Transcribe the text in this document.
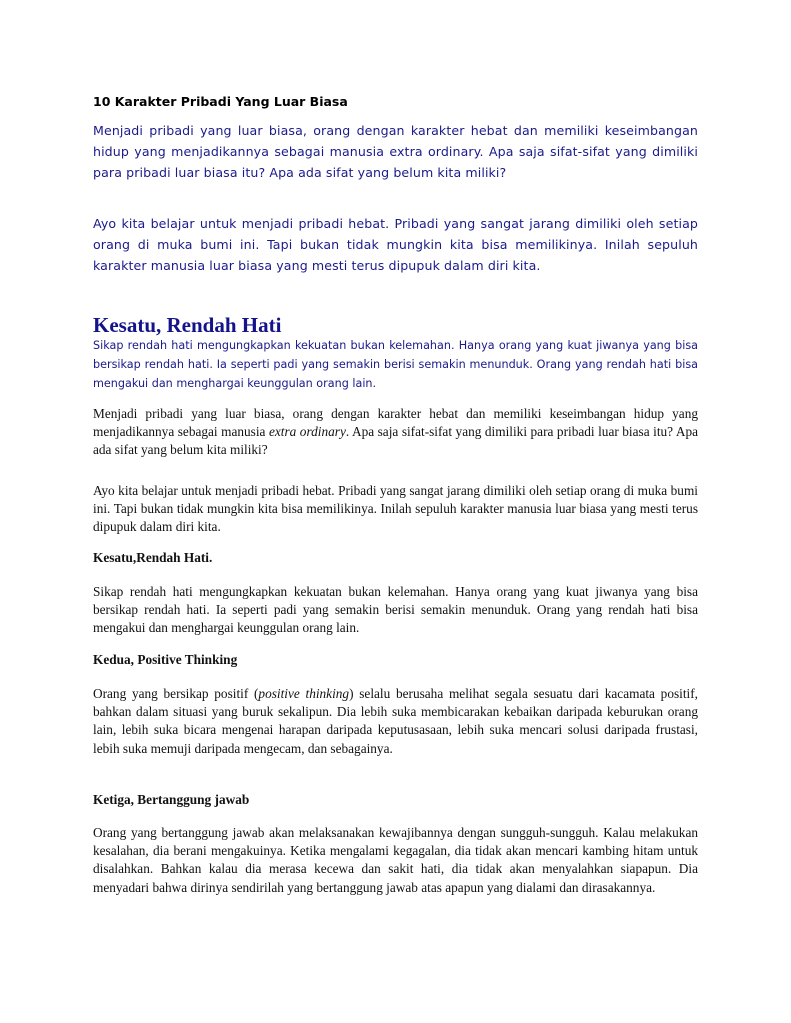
10 Karakter Pribadi Yang Luar Biasa
Menjadi pribadi yang luar biasa, orang dengan karakter hebat dan memiliki keseimbangan hidup yang menjadikannya sebagai manusia extra ordinary. Apa saja sifat-sifat yang dimiliki para pribadi luar biasa itu? Apa ada sifat yang belum kita miliki?
Ayo kita belajar untuk menjadi pribadi hebat. Pribadi yang sangat jarang dimiliki oleh setiap orang di muka bumi ini. Tapi bukan tidak mungkin kita bisa memilikinya. Inilah sepuluh karakter manusia luar biasa yang mesti terus dipupuk dalam diri kita.
Kesatu, Rendah Hati
Sikap rendah hati mengungkapkan kekuatan bukan kelemahan. Hanya orang yang kuat jiwanya yang bisa bersikap rendah hati. Ia seperti padi yang semakin berisi semakin menunduk. Orang yang rendah hati bisa mengakui dan menghargai keunggulan orang lain.
Menjadi pribadi yang luar biasa, orang dengan karakter hebat dan memiliki keseimbangan hidup yang menjadikannya sebagai manusia extra ordinary. Apa saja sifat-sifat yang dimiliki para pribadi luar biasa itu? Apa ada sifat yang belum kita miliki?
Ayo kita belajar untuk menjadi pribadi hebat. Pribadi yang sangat jarang dimiliki oleh setiap orang di muka bumi ini. Tapi bukan tidak mungkin kita bisa memilikinya. Inilah sepuluh karakter manusia luar biasa yang mesti terus dipupuk dalam diri kita.
Kesatu,Rendah Hati.
Sikap rendah hati mengungkapkan kekuatan bukan kelemahan. Hanya orang yang kuat jiwanya yang bisa bersikap rendah hati. Ia seperti padi yang semakin berisi semakin menunduk. Orang yang rendah hati bisa mengakui dan menghargai keunggulan orang lain.
Kedua, Positive Thinking
Orang yang bersikap positif (positive thinking) selalu berusaha melihat segala sesuatu dari kacamata positif, bahkan dalam situasi yang buruk sekalipun. Dia lebih suka membicarakan kebaikan daripada keburukan orang lain, lebih suka bicara mengenai harapan daripada keputusasaan, lebih suka mencari solusi daripada frustasi, lebih suka memuji daripada mengecam, dan sebagainya.
Ketiga, Bertanggung jawab
Orang yang bertanggung jawab akan melaksanakan kewajibannya dengan sungguh-sungguh. Kalau melakukan kesalahan, dia berani mengakuinya. Ketika mengalami kegagalan, dia tidak akan mencari kambing hitam untuk disalahkan. Bahkan kalau dia merasa kecewa dan sakit hati, dia tidak akan menyalahkan siapapun. Dia menyadari bahwa dirinya sendirilah yang bertanggung jawab atas apapun yang dialami dan dirasakannya.
